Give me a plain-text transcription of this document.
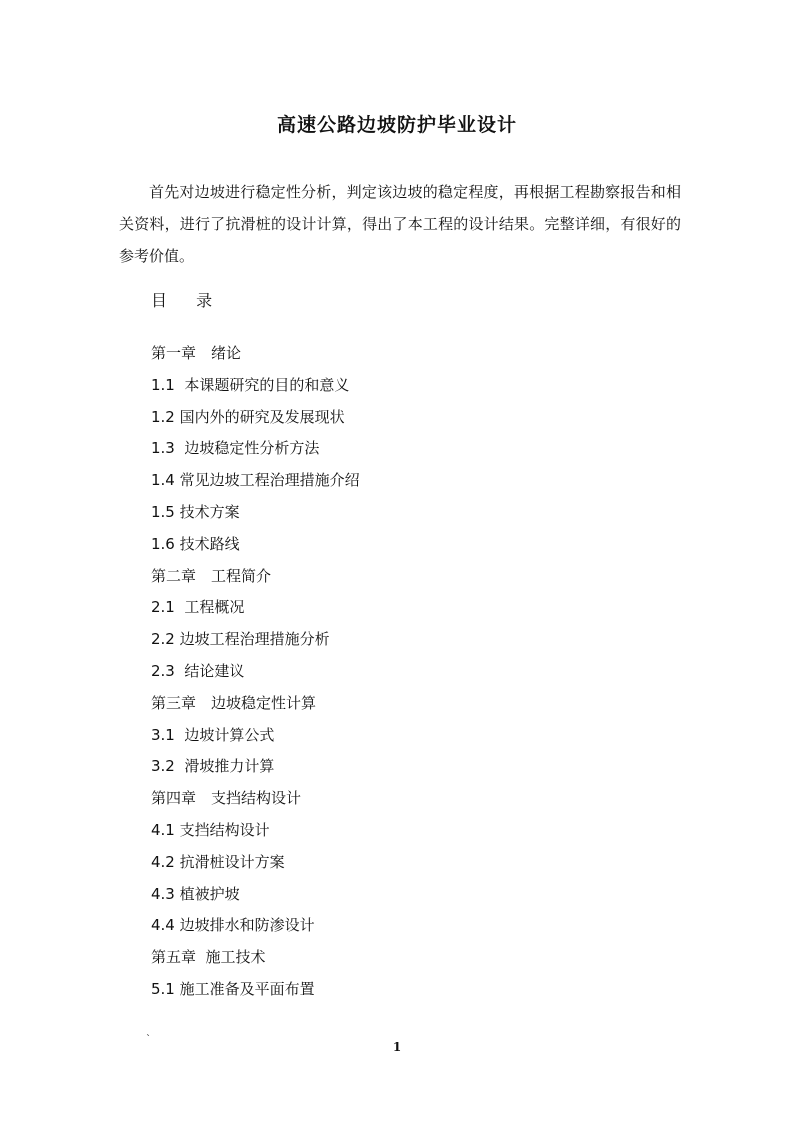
高速公路边坡防护毕业设计
首先对边坡进行稳定性分析，判定该边坡的稳定程度，再根据工程勘察报告和相关资料，进行了抗滑桩的设计计算，得出了本工程的设计结果。完整详细，有很好的参考价值。
目 录
第一章　绪论
1.1  本课题研究的目的和意义
1.2 国内外的研究及发展现状
1.3  边坡稳定性分析方法
1.4 常见边坡工程治理措施介绍
1.5 技术方案
1.6 技术路线
第二章　工程简介
2.1  工程概况
2.2 边坡工程治理措施分析
2.3  结论建议
第三章　边坡稳定性计算
3.1  边坡计算公式
3.2  滑坡推力计算
第四章　支挡结构设计
4.1 支挡结构设计
4.2 抗滑桩设计方案
4.3 植被护坡
4.4 边坡排水和防渗设计
第五章  施工技术
5.1 施工准备及平面布置
`
1
